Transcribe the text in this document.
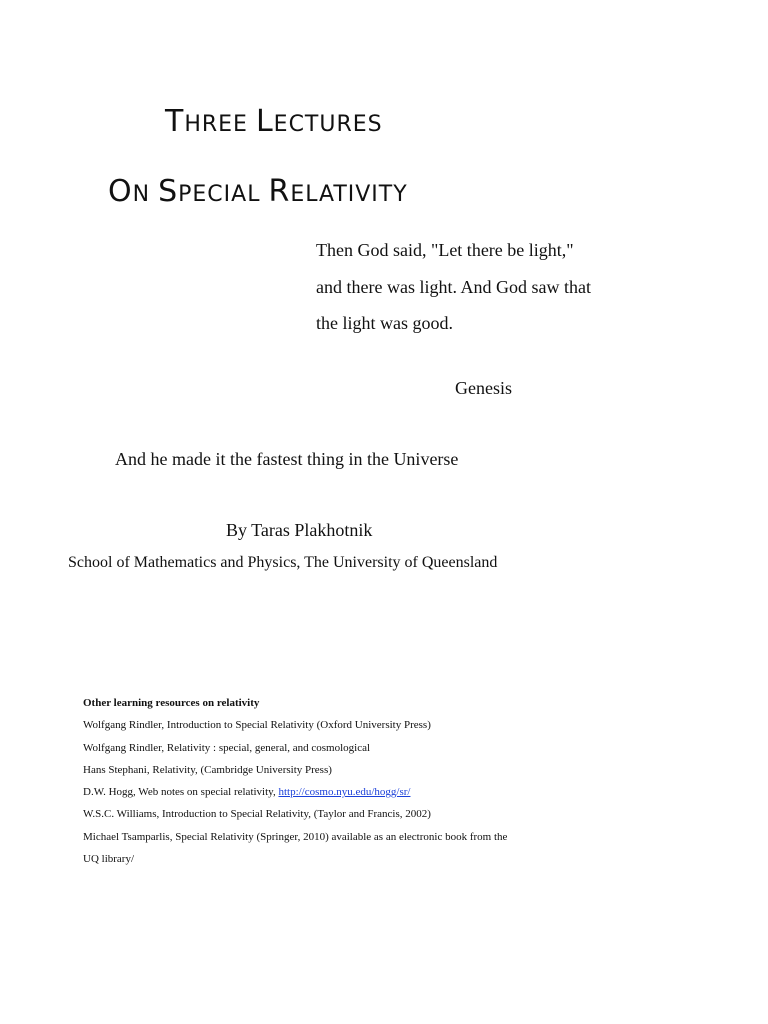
THREE LECTURES
ON SPECIAL RELATIVITY
Then God said, "Let there be light," and there was light. And God saw that the light was good.
Genesis
And he made it the fastest thing in the Universe
By Taras Plakhotnik
School of Mathematics and Physics, The University of Queensland
Other learning resources on relativity
Wolfgang Rindler, Introduction to Special Relativity (Oxford University Press)
Wolfgang Rindler, Relativity : special, general, and cosmological
Hans Stephani, Relativity, (Cambridge University Press)
D.W. Hogg, Web notes on special relativity, http://cosmo.nyu.edu/hogg/sr/
W.S.C. Williams, Introduction to Special Relativity, (Taylor and Francis, 2002)
Michael Tsamparlis, Special Relativity (Springer, 2010) available as an electronic book from the
UQ library/
